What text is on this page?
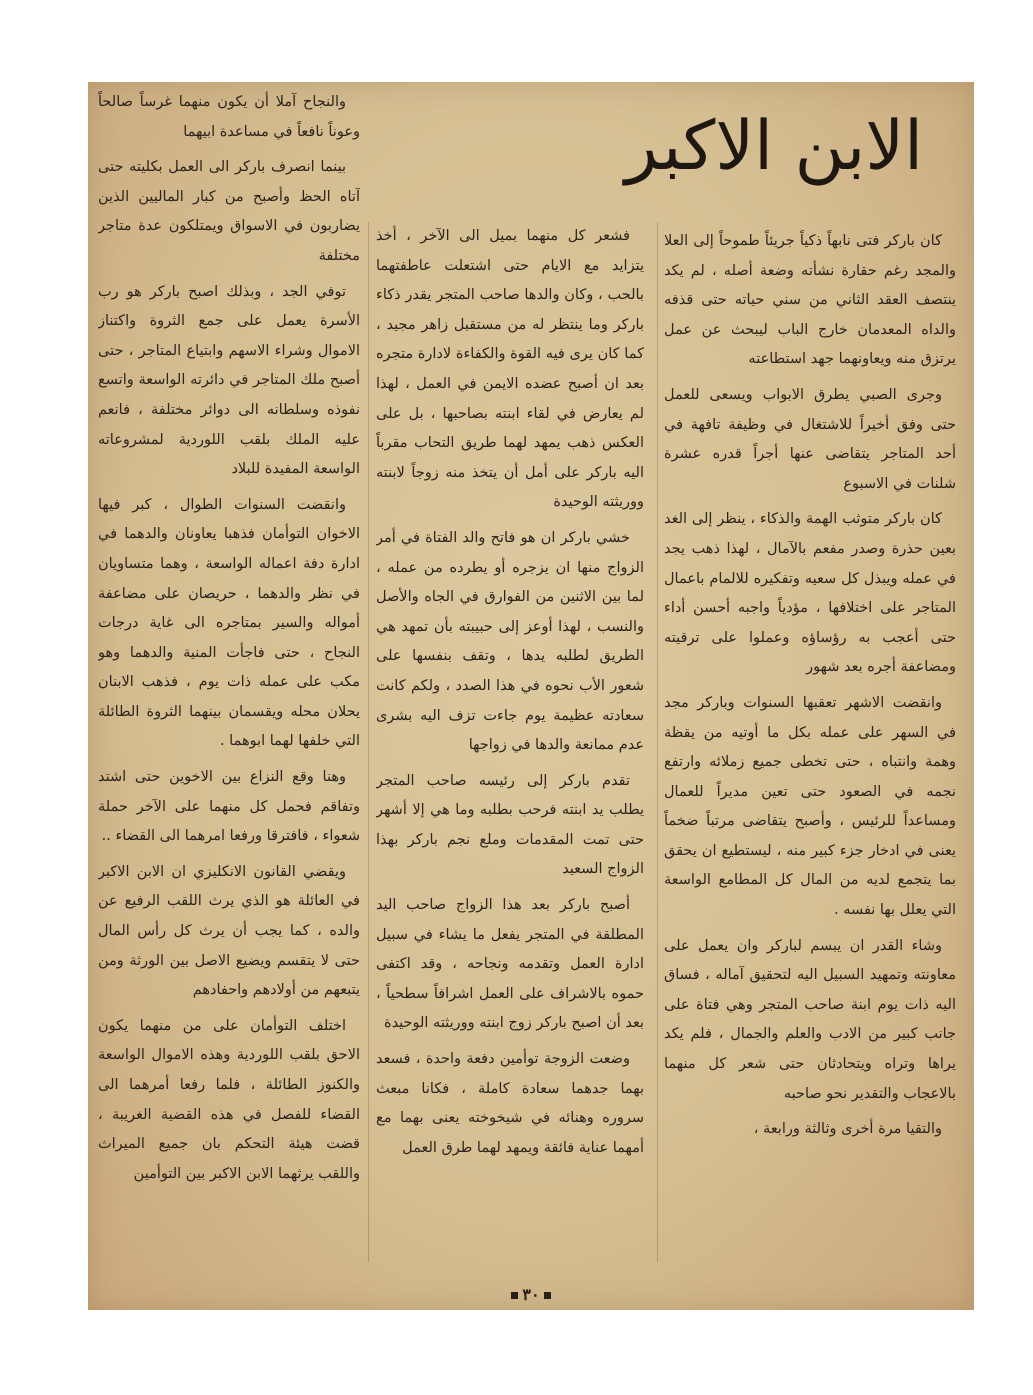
الابن الاكبر

كان باركر فتى نابهاً ذكياً جريئاً طموحاً إلى العلا والمجد رغم حقارة نشأته وضعة أصله ، لم يكد ينتصف العقد الثاني من سني حياته حتى قذفه والداه المعدمان خارج الباب ليبحث عن عمل يرتزق منه ويعاونهما جهد استطاعته

وجرى الصبي يطرق الابواب ويسعى للعمل حتى وفق أخيراً للاشتغال في وظيفة تافهة في أحد المتاجر يتقاضى عنها أجراً قدره عشرة شلنات في الاسبوع

كان باركر متوثب الهمة والذكاء ، ينظر إلى الغد بعين حذرة وصدر مفعم بالآمال ، لهذا ذهب يجد في عمله ويبذل كل سعيه وتفكيره للالمام باعمال المتاجر على اختلافها ، مؤدياً واجبه أحسن أداء حتى أعجب به رؤساؤه وعملوا على ترقيته ومضاعفة أجره بعد شهور

وانقضت الاشهر تعقبها السنوات وباركر مجد في السهر على عمله بكل ما أوتيه من يقظة وهمة وانتباه ، حتى تخطى جميع زملائه وارتفع نجمه في الصعود حتى تعين مديراً للعمال ومساعداً للرئيس ، وأصبح يتقاضى مرتباً ضخماً يعنى في ادخار جزء كبير منه ، ليستطيع ان يحقق بما يتجمع لديه من المال كل المطامع الواسعة التي يعلل بها نفسه .

وشاء القدر ان يبسم لباركر وان يعمل على معاونته وتمهيد السبيل اليه لتحقيق آماله ، فساق اليه ذات يوم ابنة صاحب المتجر وهي فتاة على جانب كبير من الادب والعلم والجمال ، فلم يكد يراها وتراه ويتحادثان حتى شعر كل منهما بالاعجاب والتقدير نحو صاحبه

والتقيا مرة أخرى وثالثة ورابعة ،

فشعر كل منهما بميل الى الآخر ، أخذ يتزايد مع الايام حتى اشتعلت عاطفتهما بالحب ، وكان والدها صاحب المتجر يقدر ذكاء باركر وما ينتظر له من مستقبل زاهر مجيد ، كما كان يرى فيه القوة والكفاءة لادارة متجره بعد ان أصبح عضده الايمن في العمل ، لهذا لم يعارض في لقاء ابنته بصاحبها ، بل على العكس ذهب يمهد لهما طريق التحاب مقرباً اليه باركر على أمل أن يتخذ منه زوجاً لابنته ووريثته الوحيدة

خشي باركر ان هو فاتح والد الفتاة في أمر الزواج منها ان يزجره أو يطرده من عمله ، لما بين الاثنين من الفوارق في الجاه والأصل والنسب ، لهذا أوعز إلى حبيبته بأن تمهد هي الطريق لطلبه يدها ، وتقف بنفسها على شعور الأب نحوه في هذا الصدد ، ولكم كانت سعادته عظيمة يوم جاءت تزف اليه بشرى عدم ممانعة والدها في زواجها

تقدم باركر إلى رئيسه صاحب المتجر يطلب يد ابنته فرحب بطلبه وما هي إلا أشهر حتى تمت المقدمات وملع نجم باركر بهذا الزواج السعيد

أصبح باركر بعد هذا الزواج صاحب اليد المطلقة في المتجر يفعل ما يشاء في سبيل ادارة العمل وتقدمه ونجاحه ، وقد اكتفى حموه بالاشراف على العمل اشرافاً سطحياً ، بعد أن اصبح باركر زوج ابنته ووريثته الوحيدة

وضعت الزوجة توأمين دفعة واحدة ، فسعد بهما جدهما سعادة كاملة ، فكانا مبعث سروره وهنائه في شيخوخته يعنى بهما مع أمهما عناية فائقة ويمهد لهما طرق العمل

والنجاح آملا أن يكون منهما غرساً صالحاً وعوناً نافعاً في مساعدة ابيهما

بينما انصرف باركر الى العمل بكليته حتى آتاه الحظ وأصبح من كبار الماليين الذين يضاربون في الاسواق ويمتلكون عدة متاجر مختلفة

توفي الجد ، وبذلك اصبح باركر هو رب الأسرة يعمل على جمع الثروة واكتناز الاموال وشراء الاسهم وابتياع المتاجر ، حتى أصبح ملك المتاجر في دائرته الواسعة واتسع نفوذه وسلطانه الى دوائر مختلفة ، فانعم عليه الملك بلقب اللوردية لمشروعاته الواسعة المفيدة للبلاد

وانقضت السنوات الطوال ، كبر فيها الاخوان التوأمان فذهبا يعاونان والدهما في ادارة دفة اعماله الواسعة ، وهما متساويان في نظر والدهما ، حريصان على مضاعفة أمواله والسير بمتاجره الى غاية درجات النجاح ، حتى فاجأت المنية والدهما وهو مكب على عمله ذات يوم ، فذهب الابنان يحلان محله ويقسمان بينهما الثروة الطائلة التي خلفها لهما ابوهما .

وهنا وقع النزاع بين الاخوين حتى اشتد وتفاقم فحمل كل منهما على الآخر حملة شعواء ، فافترقا ورفعا امرهما الى القضاء ..

ويقضي القانون الانكليزي ان الابن الاكبر في العائلة هو الذي يرث اللقب الرفيع عن والده ، كما يجب أن يرث كل رأس المال حتى لا يتقسم ويضيع الاصل بين الورثة ومن يتبعهم من أولادهم واحفادهم

اختلف التوأمان على من منهما يكون الاحق بلقب اللوردية وهذه الاموال الواسعة والكنوز الطائلة ، فلما رفعا أمرهما الى القضاء للفصل في هذه القضية الغريبة ، قضت هيئة التحكم بان جميع الميراث واللقب يرثهما الابن الاكبر بين التوأمين

٣٠
